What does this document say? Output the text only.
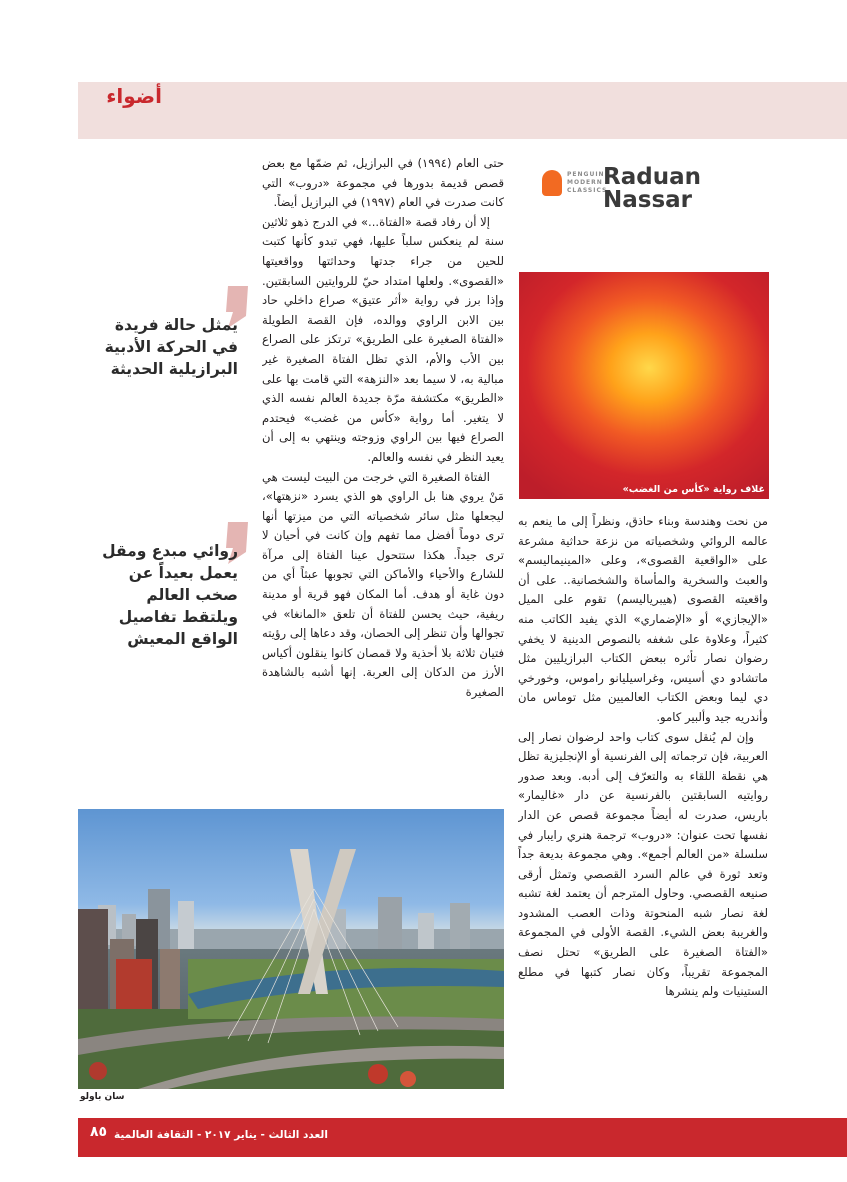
أضواء
PENGUIN MODERN CLASSICS
Raduan
Nassar
A Cup
of Rage
غلاف رواية «كأس من الغضب»

حتى العام (١٩٩٤) في البرازيل، ثم ضمّها مع بعض قصص قديمة بدورها في مجموعة «دروب» التي كانت صدرت في العام (١٩٩٧) في البرازيل أيضاً.

إلا أن رفاد قصة «الفتاة...» في الدرج ذهو ثلاثين سنة لم ينعكس سلباً عليها، فهي تبدو كأنها كتبت للحين من جراء جدتها وحداثتها وواقعيتها «القصوى». ولعلها امتداد حيّ للروايتين السابقتين. وإذا برز في رواية «أثر عتيق» صراع داخلي حاد بين الابن الراوي ووالده، فإن القصة الطويلة «الفتاة الصغيرة على الطريق» ترتكز على الصراع بين الأب والأم، الذي تظل الفتاة الصغيرة غير مبالية به، لا سيما بعد «النزهة» التي قامت بها على «الطريق» مكتشفة مرّة جديدة العالم نفسه الذي لا يتغير. أما رواية «كأس من غضب» فيحتدم الصراع فيها بين الراوي وزوجته وينتهي به إلى أن يعيد النظر في نفسه والعالم.

الفتاة الصغيرة التي خرجت من البيت ليست هي مَنْ يروي هنا بل الراوي هو الذي يسرد «نزهتها»، ليجعلها مثل سائر شخصياته التي من ميزتها أنها ترى دوماً أفضل مما تفهم وإن كانت في أحيان لا ترى جيداً. هكذا ستتحول عينا الفتاة إلى مرآة للشارع والأحياء والأماكن التي تجوبها عبثاً أي من دون غاية أو هدف. أما المكان فهو قرية أو مدينة ريفية، حيث يحسن للفتاة أن تلعق «المانغا» في تجوالها وأن تنظر إلى الحصان، وقد دعاها إلى رؤيته فتيان ثلاثة بلا أحذية ولا قمصان كانوا ينقلون أكياس الأرز من الدكان إلى العربة. إنها أشبه بالشاهدة الصغيرة

من نحت وهندسة وبناء حاذق، ونظراً إلى ما ينعم به عالمه الروائي وشخصياته من نزعة حداثية مشرعة على «الواقعية القصوى»، وعلى «المينيماليسم» والعبث والسخرية والمأساة والشخصانية.. على أن واقعيته القصوى (هيبرياليسم) تقوم على الميل «الإيجازي» أو «الإضماري» الذي يفيد الكاتب منه كثيراً، وعلاوة على شغفه بالنصوص الدينية لا يخفي رضوان نصار تأثره ببعض الكتاب البرازيليين مثل ماتشادو دي أسيس، وغراسيليانو راموس، وخورخي دي ليما وبعض الكتاب العالميين مثل توماس مان وأندريه جيد وألبير كامو.

وإن لم يُنقل سوى كتاب واحد لرضوان نصار إلى العربية، فإن ترجماته إلى الفرنسية أو الإنجليزية تظل هي نقطة اللقاء به والتعرّف إلى أدبه. وبعد صدور روايتيه السابقتين بالفرنسية عن دار «غاليمار» باريس، صدرت له أيضاً مجموعة قصص عن الدار نفسها تحت عنوان: «دروب» ترجمة هنري رايبار في سلسلة «من العالم أجمع». وهي مجموعة بديعة جداً وتعد ثورة في عالم السرد القصصي وتمثل أرقى صنيعه القصصي. وحاول المترجم أن يعتمد لغة تشبه لغة نصار شبه المنحوتة وذات العصب المشدود والغريبة بعض الشيء. القصة الأولى في المجموعة «الفتاة الصغيرة على الطريق» تحتل نصف المجموعة تقريباً، وكان نصار كتبها في مطلع الستينيات ولم ينشرها

يمثل حالة فريدة في الحركة الأدبية البرازيلية الحديثة
روائي مبدع ومقل يعمل بعيداً عن صخب العالم ويلتقط تفاصيل الواقع المعيش
سان باولو
٨٥	العدد الثالث - يناير ٢٠١٧ - الثقافة العالمية
